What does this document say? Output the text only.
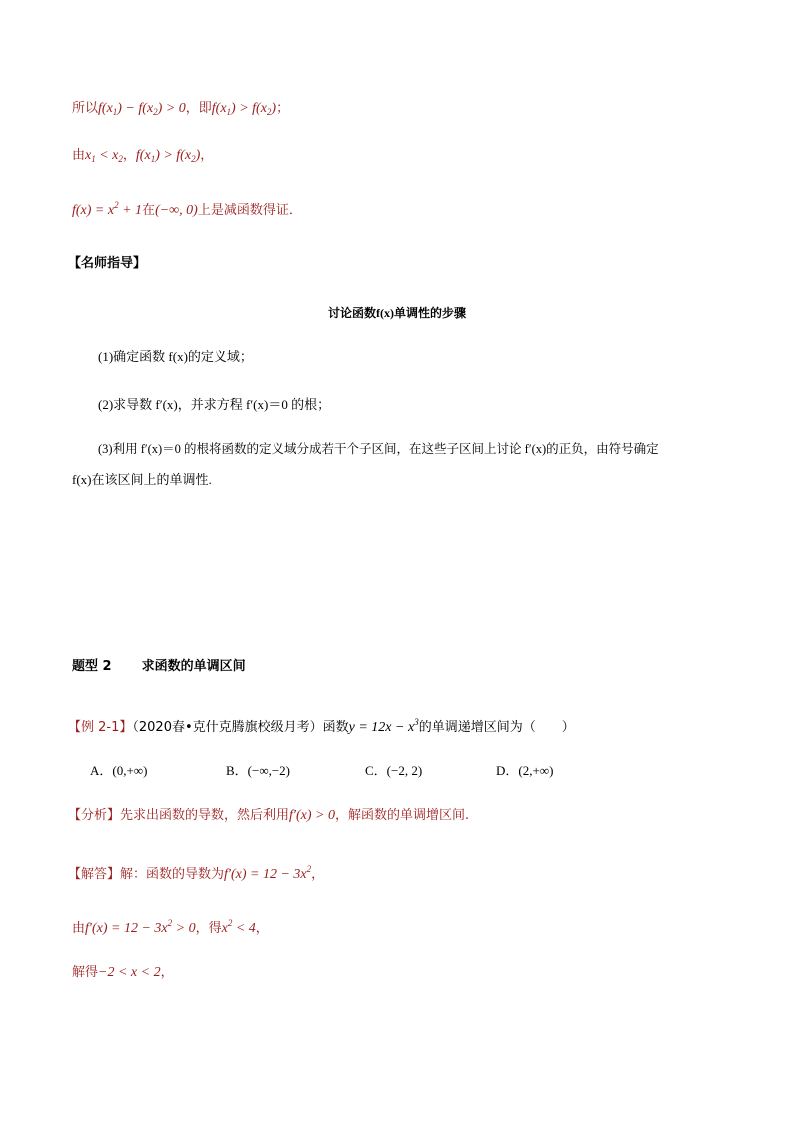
所以$f(x_1) - f(x_2) > 0$，即$f(x_1) > f(x_2)$；
由$x_1 < x_2$，$f(x_1) > f(x_2)$，
$f(x) = x^2 + 1$在(−∞, 0)上是减函数得证．
【名师指导】
讨论函数f(x)单调性的步骤
(1)确定函数 f(x)的定义域；
(2)求导数 f′(x)，并求方程 f′(x)＝0 的根；
(3)利用 f′(x)＝0 的根将函数的定义域分成若干个子区间，在这些子区间上讨论 f′(x)的正负，由符号确定
f(x)在该区间上的单调性.
题型 2 求函数的单调区间
【例 2-1】（2020春•克什克腾旗校级月考）函数$y = 12x - x^3$的单调递增区间为（　　）
A．(0,+∞)	B．(−∞,−2)	C．(−2, 2)	D．(2,+∞)
【分析】先求出函数的导数，然后利用f′(x) > 0，解函数的单调增区间.
【解答】解：函数的导数为$f'(x) = 12 - 3x^2$，
由$f'(x) = 12 - 3x^2 > 0$，得$x^2 < 4$，
解得−2 < x < 2，
